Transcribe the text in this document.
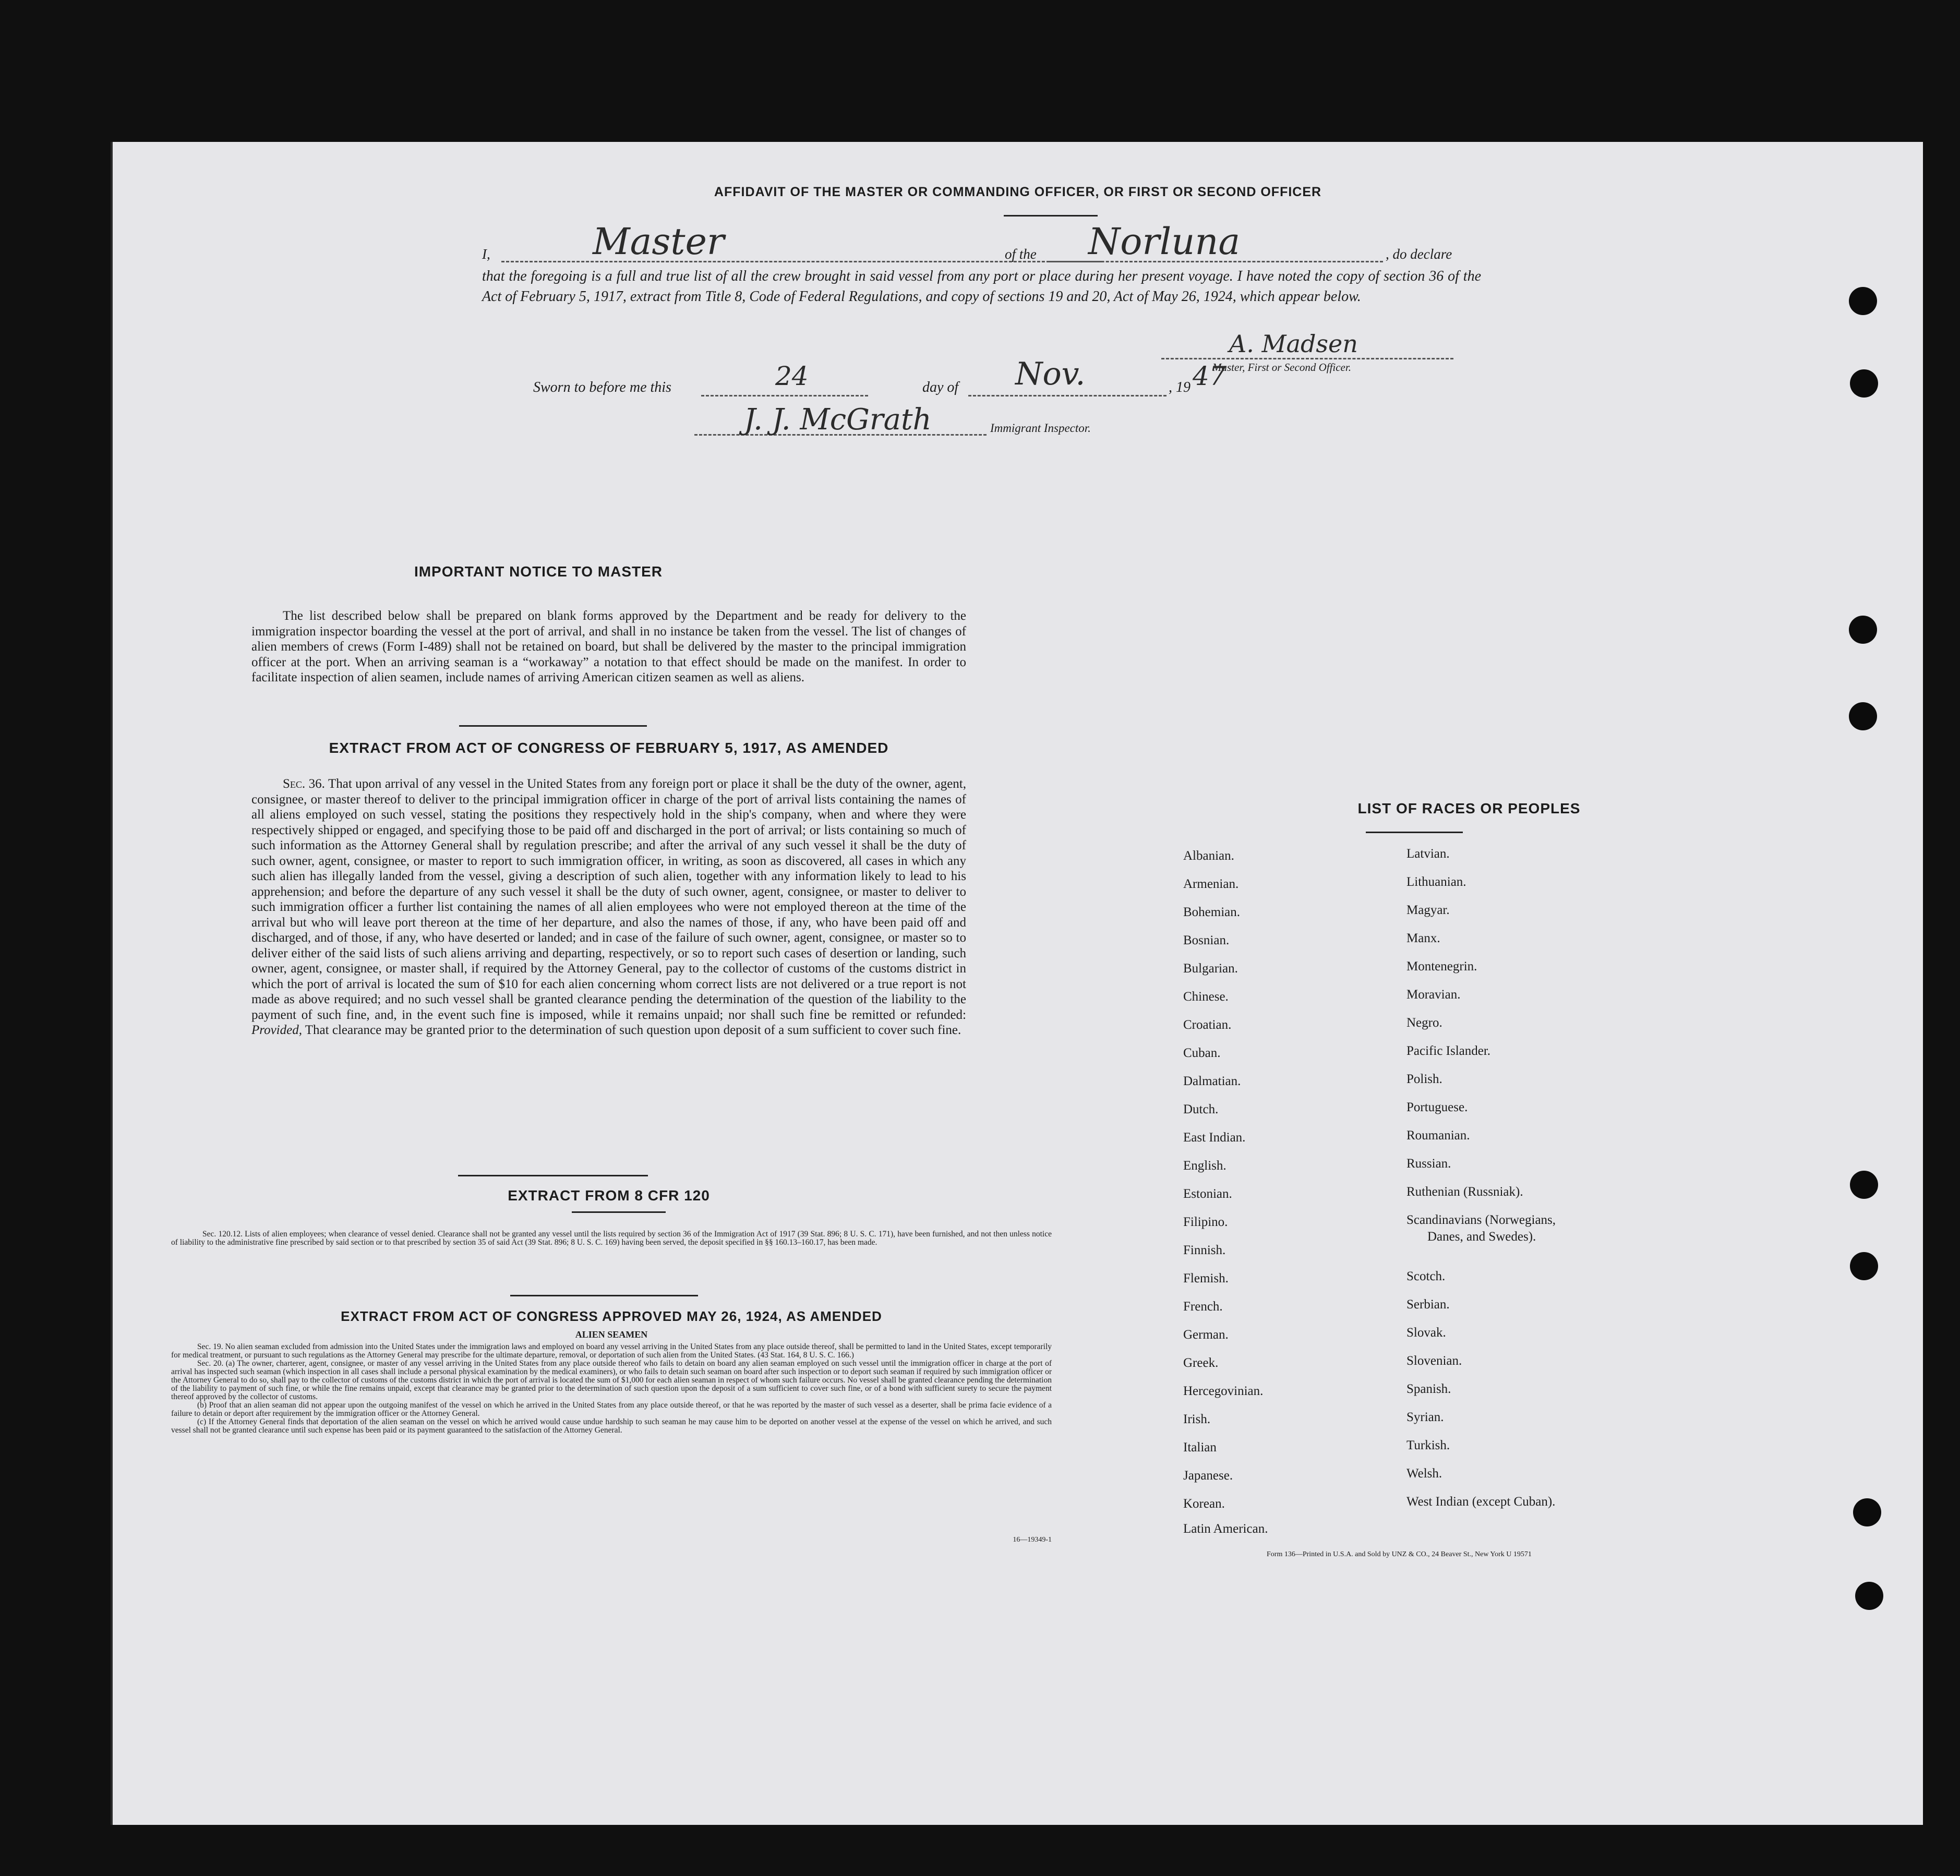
AFFIDAVIT OF THE MASTER OR COMMANDING OFFICER, OR FIRST OR SECOND OFFICER
I,	Master	of the Norluna	, do declare
that the foregoing is a full and true list of all the crew brought in said vessel from any port or place during her present voyage. I have noted the copy of section 36 of the Act of February 5, 1917, extract from Title 8, Code of Federal Regulations, and copy of sections 19 and 20, Act of May 26, 1924, which appear below.
A. Madsen
Master, First or Second Officer.
Sworn to before me this	24	day of Nov.	, 19 47
J. J. McGrath	Immigrant Inspector.
IMPORTANT NOTICE TO MASTER
The list described below shall be prepared on blank forms approved by the Department and be ready for delivery to the immigration inspector boarding the vessel at the port of arrival, and shall in no instance be taken from the vessel. The list of changes of alien members of crews (Form I-489) shall not be retained on board, but shall be delivered by the master to the principal immigration officer at the port. When an arriving seaman is a “workaway” a notation to that effect should be made on the manifest. In order to facilitate inspection of alien seamen, include names of arriving American citizen seamen as well as aliens.
EXTRACT FROM ACT OF CONGRESS OF FEBRUARY 5, 1917, AS AMENDED
Sec. 36. That upon arrival of any vessel in the United States from any foreign port or place it shall be the duty of the owner, agent, consignee, or master thereof to deliver to the principal immigration officer in charge of the port of arrival lists containing the names of all aliens employed on such vessel, stating the positions they respectively hold in the ship's company, when and where they were respectively shipped or engaged, and specifying those to be paid off and discharged in the port of arrival; or lists containing so much of such information as the Attorney General shall by regulation prescribe; and after the arrival of any such vessel it shall be the duty of such owner, agent, consignee, or master to report to such immigration officer, in writing, as soon as discovered, all cases in which any such alien has illegally landed from the vessel, giving a description of such alien, together with any information likely to lead to his apprehension; and before the departure of any such vessel it shall be the duty of such owner, agent, consignee, or master to deliver to such immigration officer a further list containing the names of all alien employees who were not employed thereon at the time of the arrival but who will leave port thereon at the time of her departure, and also the names of those, if any, who have been paid off and discharged, and of those, if any, who have deserted or landed; and in case of the failure of such owner, agent, consignee, or master so to deliver either of the said lists of such aliens arriving and departing, respectively, or so to report such cases of desertion or landing, such owner, agent, consignee, or master shall, if required by the Attorney General, pay to the collector of customs of the customs district in which the port of arrival is located the sum of $10 for each alien concerning whom correct lists are not delivered or a true report is not made as above required; and no such vessel shall be granted clearance pending the determination of the question of the liability to the payment of such fine, and, in the event such fine is imposed, while it remains unpaid; nor shall such fine be remitted or refunded: Provided, That clearance may be granted prior to the determination of such question upon deposit of a sum sufficient to cover such fine.
EXTRACT FROM 8 CFR 120
Sec. 120.12. Lists of alien employees; when clearance of vessel denied. Clearance shall not be granted any vessel until the lists required by section 36 of the Immigration Act of 1917 (39 Stat. 896; 8 U. S. C. 171), have been furnished, and not then unless notice of liability to the administrative fine prescribed by said section or to that prescribed by section 35 of said Act (39 Stat. 896; 8 U. S. C. 169) having been served, the deposit specified in §§ 160.13–160.17, has been made.
EXTRACT FROM ACT OF CONGRESS APPROVED MAY 26, 1924, AS AMENDED
ALIEN SEAMEN
Sec. 19. No alien seaman excluded from admission into the United States under the immigration laws and employed on board any vessel arriving in the United States from any place outside thereof, shall be permitted to land in the United States, except temporarily for medical treatment, or pursuant to such regulations as the Attorney General may prescribe for the ultimate departure, removal, or deportation of such alien from the United States. (43 Stat. 164, 8 U. S. C. 166.)
Sec. 20. (a) The owner, charterer, agent, consignee, or master of any vessel arriving in the United States from any place outside thereof who fails to detain on board any alien seaman employed on such vessel until the immigration officer in charge at the port of arrival has inspected such seaman (which inspection in all cases shall include a personal physical examination by the medical examiners), or who fails to detain such seaman on board after such inspection or to deport such seaman if required by such immigration officer or the Attorney General to do so, shall pay to the collector of customs of the customs district in which the port of arrival is located the sum of $1,000 for each alien seaman in respect of whom such failure occurs. No vessel shall be granted clearance pending the determination of the liability to payment of such fine, or while the fine remains unpaid, except that clearance may be granted prior to the determination of such question upon the deposit of a sum sufficient to cover such fine, or of a bond with sufficient surety to secure the payment thereof approved by the collector of customs.
(b) Proof that an alien seaman did not appear upon the outgoing manifest of the vessel on which he arrived in the United States from any place outside thereof, or that he was reported by the master of such vessel as a deserter, shall be prima facie evidence of a failure to detain or deport after requirement by the immigration officer or the Attorney General.
(c) If the Attorney General finds that deportation of the alien seaman on the vessel on which he arrived would cause undue hardship to such seaman he may cause him to be deported on another vessel at the expense of the vessel on which he arrived, and such vessel shall not be granted clearance until such expense has been paid or its payment guaranteed to the satisfaction of the Attorney General.
16—19349-1
LIST OF RACES OR PEOPLES
Albanian.
Armenian.
Bohemian.
Bosnian.
Bulgarian.
Chinese.
Croatian.
Cuban.
Dalmatian.
Dutch.
East Indian.
English.
Estonian.
Filipino.
Finnish.
Flemish.
French.
German.
Greek.
Hercegovinian.
Irish.
Italian
Japanese.
Korean.
Latin American.
Latvian.
Lithuanian.
Magyar.
Manx.
Montenegrin.
Moravian.
Negro.
Pacific Islander.
Polish.
Portuguese.
Roumanian.
Russian.
Ruthenian (Russniak).
Scandinavians (Norwegians,
Danes, and Swedes).
Scotch.
Serbian.
Slovak.
Slovenian.
Spanish.
Syrian.
Turkish.
Welsh.
West Indian (except Cuban).
Form 136—Printed in U.S.A. and Sold by UNZ & CO., 24 Beaver St., New York U 19571
